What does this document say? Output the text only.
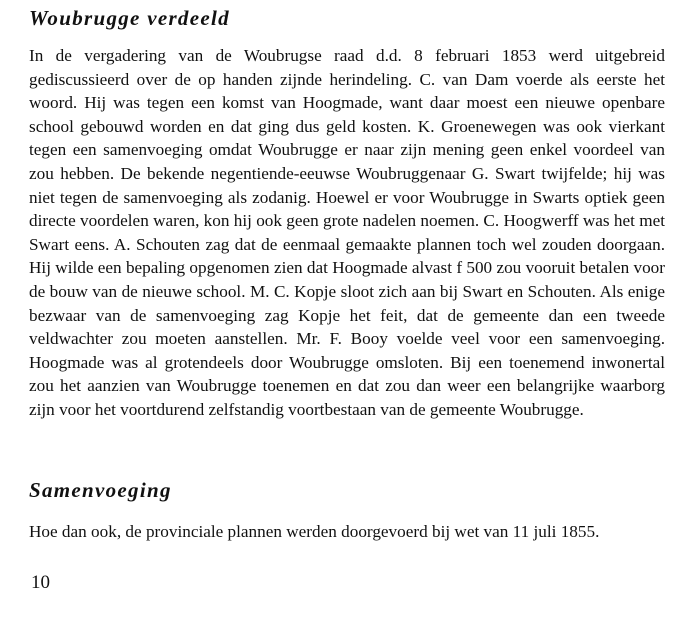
Woubrugge verdeeld

In de vergadering van de Woubrugse raad d.d. 8 februari 1853 werd uitgebreid gediscussieerd over de op handen zijnde herindeling. C. van Dam voerde als eerste het woord. Hij was tegen een komst van Hoogmade, want daar moest een nieuwe openbare school gebouwd worden en dat ging dus geld kosten. K. Groenewegen was ook vierkant tegen een samenvoeging omdat Woubrugge er naar zijn mening geen enkel voordeel van zou hebben. De bekende negentiende-eeuwse Woubruggenaar G. Swart twijfelde; hij was niet tegen de samenvoeging als zodanig. Hoewel er voor Woubrugge in Swarts optiek geen directe voordelen waren, kon hij ook geen grote nadelen noemen. C. Hoogwerff was het met Swart eens. A. Schouten zag dat de eenmaal gemaakte plannen toch wel zouden doorgaan. Hij wilde een bepaling opgenomen zien dat Hoogmade alvast f 500 zou vooruit betalen voor de bouw van de nieuwe school. M. C. Kopje sloot zich aan bij Swart en Schouten. Als enige bezwaar van de samenvoeging zag Kopje het feit, dat de gemeente dan een tweede veldwachter zou moeten aanstellen. Mr. F. Booy voelde veel voor een samenvoeging. Hoogmade was al grotendeels door Woubrugge omsloten. Bij een toenemend inwonertal zou het aanzien van Woubrugge toenemen en dat zou dan weer een belangrijke waarborg zijn voor het voortdurend zelfstandig voortbestaan van de gemeente Woubrugge.

Samenvoeging

Hoe dan ook, de provinciale plannen werden doorgevoerd bij wet van 11 juli 1855.

10
